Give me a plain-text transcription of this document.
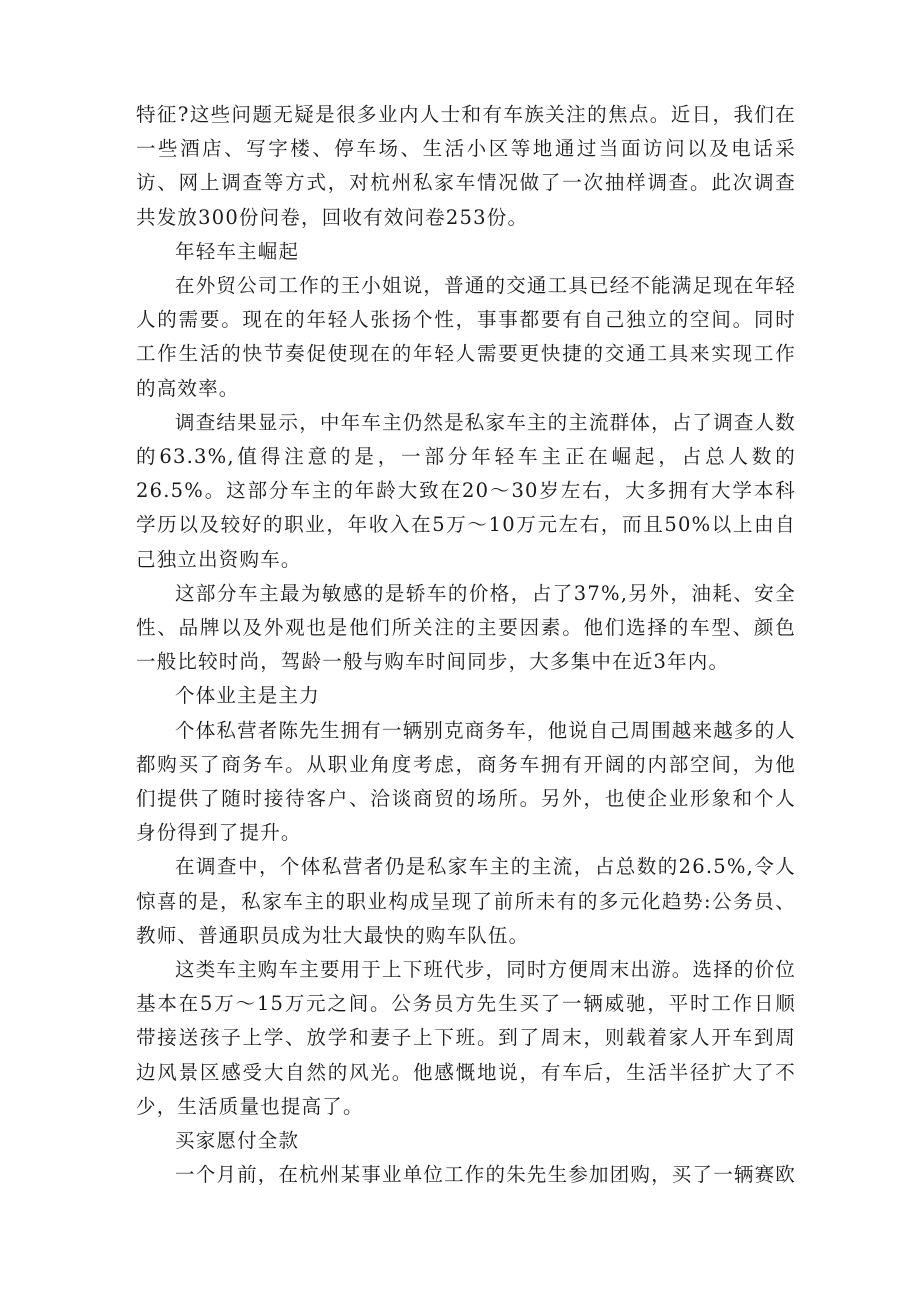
特征?这些问题无疑是很多业内人士和有车族关注的焦点。近日，我们在一些酒店、写字楼、停车场、生活小区等地通过当面访问以及电话采访、网上调查等方式，对杭州私家车情况做了一次抽样调查。此次调查共发放300份问卷，回收有效问卷253份。

年轻车主崛起

在外贸公司工作的王小姐说，普通的交通工具已经不能满足现在年轻人的需要。现在的年轻人张扬个性，事事都要有自己独立的空间。同时工作生活的快节奏促使现在的年轻人需要更快捷的交通工具来实现工作的高效率。

调查结果显示，中年车主仍然是私家车主的主流群体，占了调查人数的63.3%,值得注意的是，一部分年轻车主正在崛起，占总人数的26.5%。这部分车主的年龄大致在20～30岁左右，大多拥有大学本科学历以及较好的职业，年收入在5万～10万元左右，而且50%以上由自己独立出资购车。

这部分车主最为敏感的是轿车的价格，占了37%,另外，油耗、安全性、品牌以及外观也是他们所关注的主要因素。他们选择的车型、颜色一般比较时尚，驾龄一般与购车时间同步，大多集中在近3年内。

个体业主是主力

个体私营者陈先生拥有一辆别克商务车，他说自己周围越来越多的人都购买了商务车。从职业角度考虑，商务车拥有开阔的内部空间，为他们提供了随时接待客户、洽谈商贸的场所。另外，也使企业形象和个人身份得到了提升。

在调查中，个体私营者仍是私家车主的主流，占总数的26.5%,令人惊喜的是，私家车主的职业构成呈现了前所未有的多元化趋势:公务员、教师、普通职员成为壮大最快的购车队伍。

这类车主购车主要用于上下班代步，同时方便周末出游。选择的价位基本在5万～15万元之间。公务员方先生买了一辆威驰，平时工作日顺带接送孩子上学、放学和妻子上下班。到了周末，则载着家人开车到周边风景区感受大自然的风光。他感慨地说，有车后，生活半径扩大了不少，生活质量也提高了。

买家愿付全款

一个月前，在杭州某事业单位工作的朱先生参加团购，买了一辆赛欧
